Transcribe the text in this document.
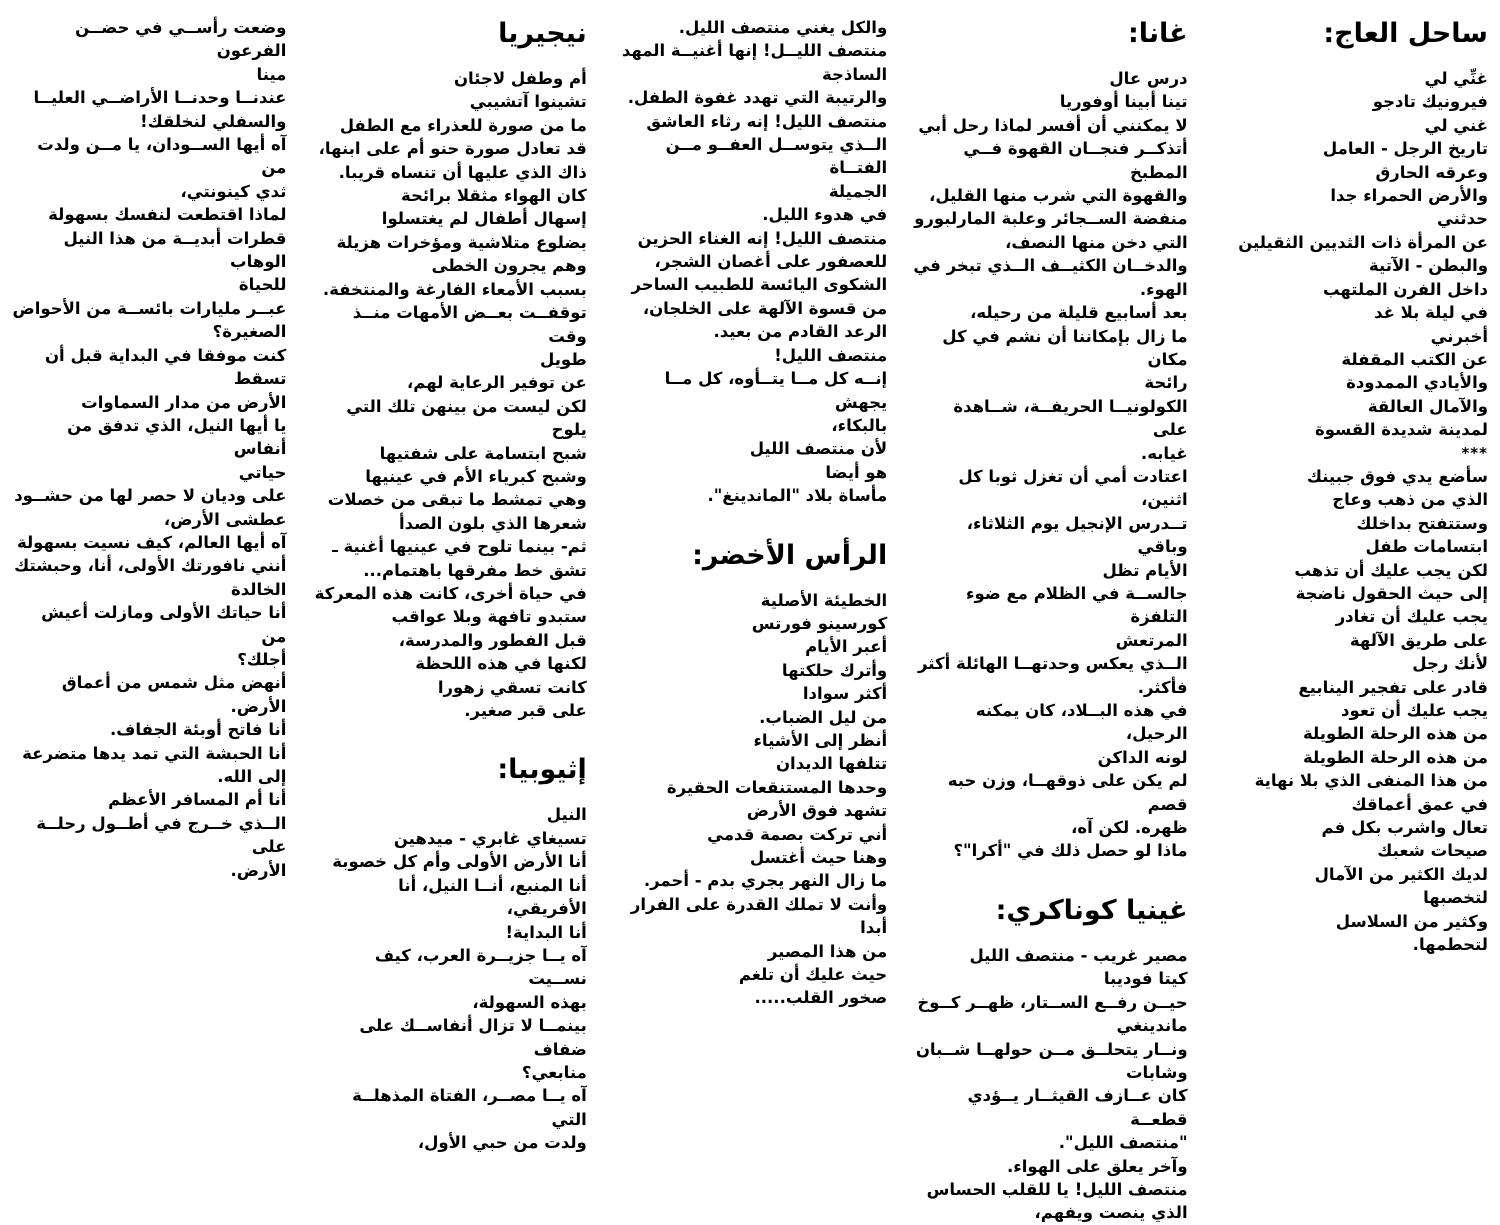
ساحل العاج:
غنِّي لي
فيرونيك تادجو
غني لي
تاريخ الرجل - العامل
وعرقه الحارق
والأرض الحمراء جدا
حدثني
عن المرأة ذات الثديين الثقيلين
والبطن - الآتية
داخل الفرن الملتهب
في ليلة بلا غد
أخبرني
عن الكتب المقفلة
والأيادي الممدودة
والآمال العالقة
لمدينة شديدة القسوة
***
سأضع يدي فوق جبينك
الذي من ذهب وعاج
وستتفتح بداخلك
ابتسامات طفل
لكن يجب عليك أن تذهب
إلى حيث الحقول ناضجة
يجب عليك أن تغادر
على طريق الآلهة
لأنك رجل
قادر على تفجير الينابيع
يجب عليك أن تعود
من هذه الرحلة الطويلة
من هذه الرحلة الطويلة
من هذا المنفى الذي بلا نهاية
في عمق أعماقك
تعال واشرب بكل فم
صيحات شعبك
لديك الكثير من الآمال
لتخصبها
وكثير من السلاسل
لتحطمها.
غانا:
درس عال
تينا أبينا أوفوريا
لا يمكنني أن أفسر لماذا رحل أبي
أتذكــر فنجــان القهوة فــي المطبخ
والقهوة التي شرب منها القليل،
منفضة الســجائر وعلبة المارلبورو
التي دخن منها النصف،
والدخــان الكثيــف الــذي تبخر في
الهوء.
بعد أسابيع قليلة من رحيله،
ما زال بإمكاننا أن نشم في كل مكان
رائحة
الكولونيــا الحريفــة، شــاهدة على
غيابه.
اعتادت أمي أن تغزل ثوبا كل اثنين،
تــدرس الإنجيل يوم الثلاثاء، وباقي
الأيام تظل
جالســة في الظلام مع ضوء التلفزة
المرتعش
الــذي يعكس وحدتهــا الهائلة أكثر
فأكثر.
في هذه البــلاد، كان يمكنه الرحيل،
لونه الداكن
لم يكن على ذوقهــا، وزن حبه قصم
ظهره. لكن آه،
ماذا لو حصل ذلك في "أكرا"؟
غينيا كوناكري:
مصير غريب - منتصف الليل
كيتا فوديبا
حيــن رفــع الســتار، ظهــر كــوخ
ماندينغي
ونــار يتحلــق مــن حولهــا شــبان
وشابات
كان عــازف القيثــار يــؤدي قطعــة
"منتصف الليل".
وآخر يعلق على الهواء.
منتصف الليل! يا للقلب الحساس
الذي ينصت ويفهم،
والكل يغني منتصف الليل.
منتصف الليــل! إنها أغنيــة المهد
الساذجة
والرتيبة التي تهدد غفوة الطفل.
منتصف الليل! إنه رثاء العاشق
الــذي يتوســل العفــو مــن الفتــاة
الجميلة
في هدوء الليل.
منتصف الليل! إنه الغناء الحزين
للعصفور على أغصان الشجر،
الشكوى اليائسة للطبيب الساحر
من قسوة الآلهة على الخلجان،
الرعد القادم من بعيد.
منتصف الليل!
إنــه كل مــا يتــأوه، كل مــا يجهش
بالبكاء،
لأن منتصف الليل
هو أيضا
مأساة بلاد "الماندينغ".
الرأس الأخضر:
الخطيئة الأصلية
كورسينو فورتس
أعبر الأيام
وأترك حلكتها
أكثر سوادا
من ليل الضباب.
أنظر إلى الأشياء
تتلفها الديدان
وحدها المستنقعات الحقيرة
تشهد فوق الأرض
أني تركت بصمة قدمي
وهنا حيث أغتسل
ما زال النهر يجري بدم - أحمر.
وأنت لا تملك القدرة على الفرار
أبدا
من هذا المصير
حيث عليك أن تلغم
صخور القلب.....
نيجيريا
أم وطفل لاجئان
تشينوا آتشيبي
ما من صورة للعذراء مع الطفل
قد تعادل صورة حنو أم على ابنها،
ذاك الذي عليها أن تنساه قريبا.
كان الهواء مثقلا برائحة
إسهال أطفال لم يغتسلوا
بضلوع متلاشية ومؤخرات هزيلة
وهم يجرون الخطى
بسبب الأمعاء الفارغة والمنتخفة.
توقفــت بعــض الأمهات منــذ وقت
طويل
عن توفير الرعاية لهم،
لكن ليست من بينهن تلك التي يلوح
شبح ابتسامة على شفتيها
وشبح كبرياء الأم في عينيها
وهي تمشط ما تبقى من خصلات
شعرها الذي بلون الصدأ
ثم- بينما تلوح في عينيها أغنية ـ
تشق خط مفرقها باهتمام...
في حياة أخرى، كانت هذه المعركة
ستبدو تافهة وبلا عواقب
قبل الفطور والمدرسة،
لكنها في هذه اللحظة
كانت تسقي زهورا
على قبر صغير.
إثيوبيا:
النيل
تسيغاي غابري - ميدهين
أنا الأرض الأولى وأم كل خصوبة
أنا المنبع، أنــا النيل، أنا الأفريقي،
أنا البداية!
آه يــا جزيــرة العرب، كيف نســيت
بهذه السهولة،
بينمــا لا تزال أنفاســك على ضفاف
منابعي؟
آه يــا مصــر، الفتاة المذهلــة التي
ولدت من حبي الأول،
وضعت رأســي في حضــن الفرعون
مينا
عندنــا وحدنــا الأراضــي العليــا
والسفلي لنخلقك!
آه أيها الســودان، يا مــن ولدت من
ثدي كينونتي،
لماذا اقتطعت لنفسك بسهولة
قطرات أبديــة من هذا النيل الوهاب
للحياة
عبــر مليارات بائســة من الأحواض
الصغيرة؟
كنت موفقا في البداية قبل أن تسقط
الأرض من مدار السماوات
يا أيها النيل، الذي تدفق من أنفاس
حياتي
على وديان لا حصر لها من حشــود
عطشى الأرض،
آه أيها العالم، كيف نسيت بسهولة
أنني نافورتك الأولى، أنا، وحبشتك
الخالدة
أنا حياتك الأولى ومازلت أعيش من
أجلك؟
أنهض مثل شمس من أعماق الأرض.
أنا فاتح أوبئة الجفاف.
أنا الحبشة التي تمد يدها متضرعة
إلى الله.
أنا أم المسافر الأعظم
الــذي خــرج في أطــول رحلــة على
الأرض.
